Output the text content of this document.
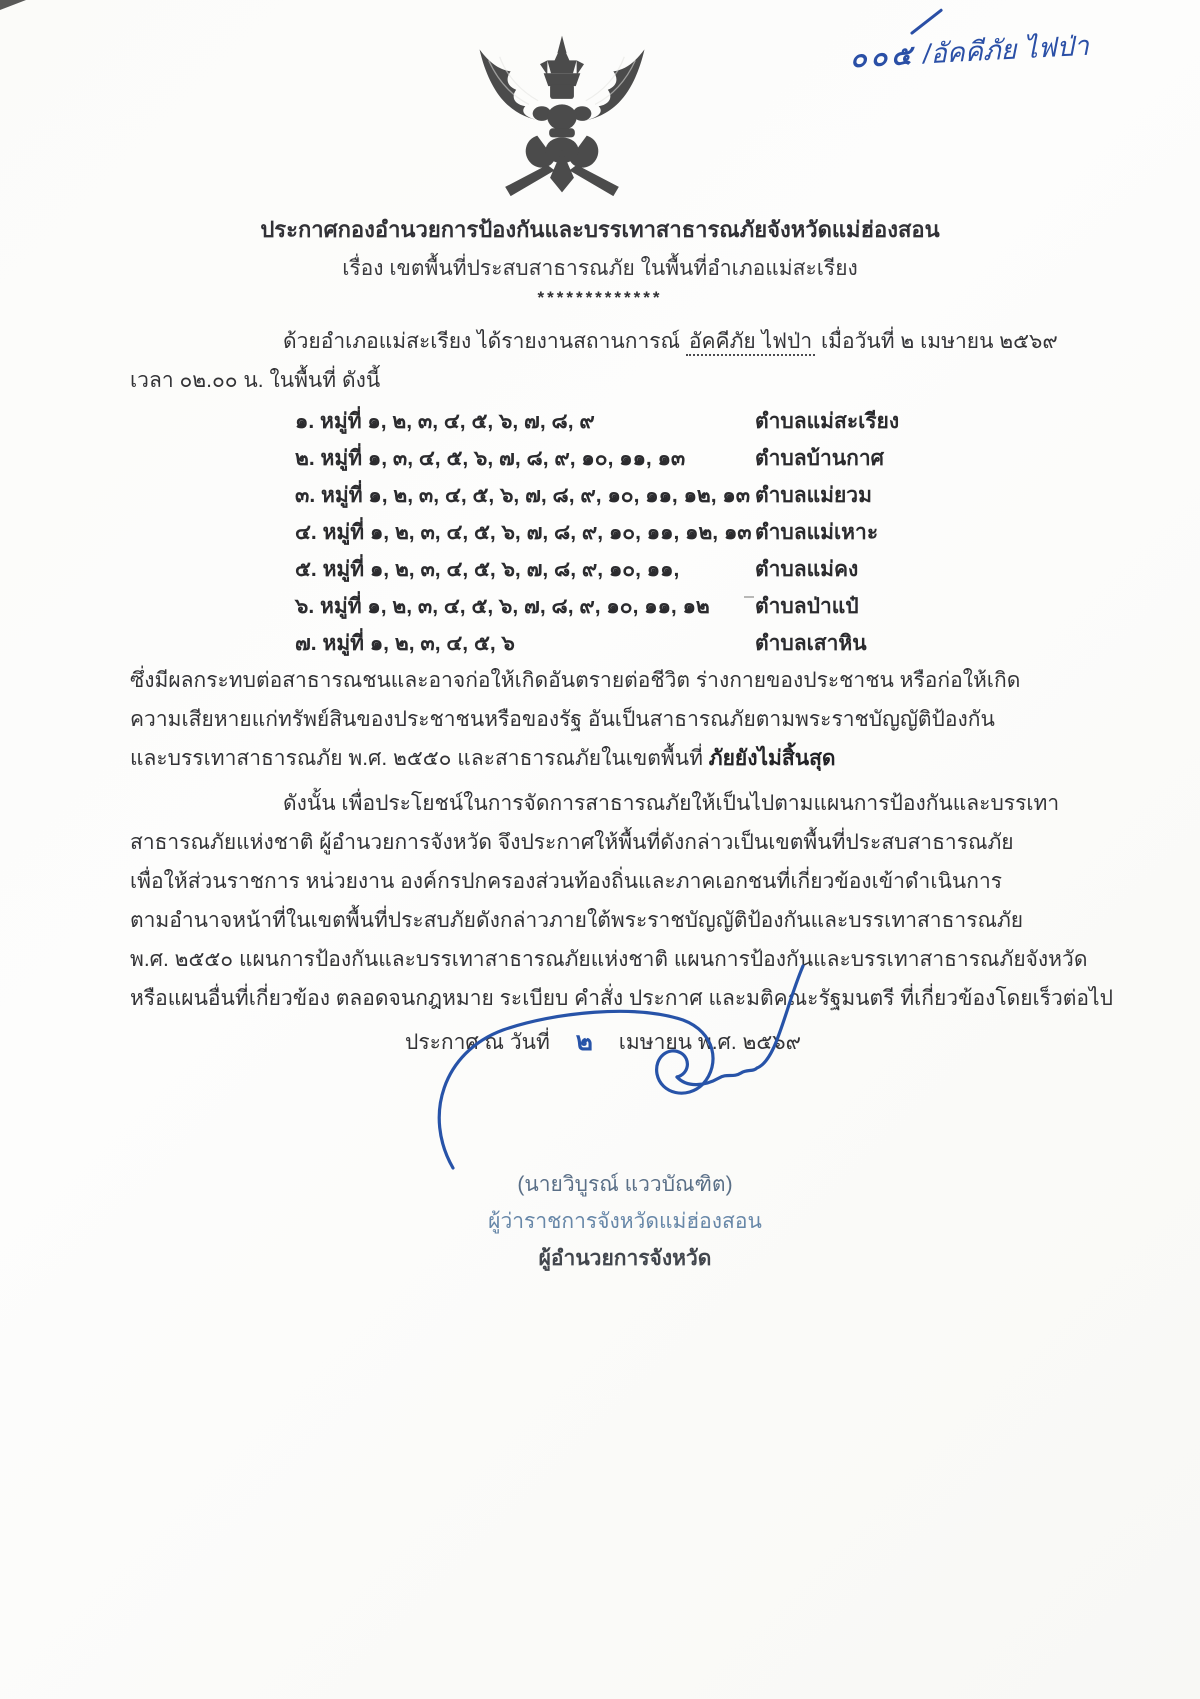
๐๐๕ /อัคคีภัย ไฟป่า
ประกาศกองอำนวยการป้องกันและบรรเทาสาธารณภัยจังหวัดแม่ฮ่องสอน
เรื่อง เขตพื้นที่ประสบสาธารณภัย ในพื้นที่อำเภอแม่สะเรียง
*************
ด้วยอำเภอแม่สะเรียง ได้รายงานสถานการณ์ อัคคีภัย ไฟป่า เมื่อวันที่ ๒ เมษายน ๒๕๖๙
เวลา ๐๒.๐๐ น. ในพื้นที่ ดังนี้
๑. หมู่ที่ ๑, ๒, ๓, ๔, ๕, ๖, ๗, ๘, ๙	ตำบลแม่สะเรียง
๒. หมู่ที่ ๑, ๓, ๔, ๕, ๖, ๗, ๘, ๙, ๑๐, ๑๑, ๑๓	ตำบลบ้านกาศ
๓. หมู่ที่ ๑, ๒, ๓, ๔, ๕, ๖, ๗, ๘, ๙, ๑๐, ๑๑, ๑๒, ๑๓ ตำบลแม่ยวม
๔. หมู่ที่ ๑, ๒, ๓, ๔, ๕, ๖, ๗, ๘, ๙, ๑๐, ๑๑, ๑๒, ๑๓ ตำบลแม่เหาะ
๕. หมู่ที่ ๑, ๒, ๓, ๔, ๕, ๖, ๗, ๘, ๙, ๑๐, ๑๑,	ตำบลแม่คง
๖. หมู่ที่ ๑, ๒, ๓, ๔, ๕, ๖, ๗, ๘, ๙, ๑๐, ๑๑, ๑๒ ตำบลป่าแป๋
๗. หมู่ที่ ๑, ๒, ๓, ๔, ๕, ๖	ตำบลเสาหิน
ซึ่งมีผลกระทบต่อสาธารณชนและอาจก่อให้เกิดอันตรายต่อชีวิต ร่างกายของประชาชน หรือก่อให้เกิด
ความเสียหายแก่ทรัพย์สินของประชาชนหรือของรัฐ อันเป็นสาธารณภัยตามพระราชบัญญัติป้องกัน
และบรรเทาสาธารณภัย พ.ศ. ๒๕๕๐ และสาธารณภัยในเขตพื้นที่ ภัยยังไม่สิ้นสุด
ดังนั้น เพื่อประโยชน์ในการจัดการสาธารณภัยให้เป็นไปตามแผนการป้องกันและบรรเทา
สาธารณภัยแห่งชาติ ผู้อำนวยการจังหวัด จึงประกาศให้พื้นที่ดังกล่าวเป็นเขตพื้นที่ประสบสาธารณภัย
เพื่อให้ส่วนราชการ หน่วยงาน องค์กรปกครองส่วนท้องถิ่นและภาคเอกชนที่เกี่ยวข้องเข้าดำเนินการ
ตามอำนาจหน้าที่ในเขตพื้นที่ประสบภัยดังกล่าวภายใต้พระราชบัญญัติป้องกันและบรรเทาสาธารณภัย
พ.ศ. ๒๕๕๐ แผนการป้องกันและบรรเทาสาธารณภัยแห่งชาติ แผนการป้องกันและบรรเทาสาธารณภัยจังหวัด
หรือแผนอื่นที่เกี่ยวข้อง ตลอดจนกฎหมาย ระเบียบ คำสั่ง ประกาศ และมติคณะรัฐมนตรี ที่เกี่ยวข้องโดยเร็วต่อไป
ประกาศ ณ วันที่ ๒ เมษายน พ.ศ. ๒๕๖๙
(นายวิบูรณ์ แววบัณฑิต)
ผู้ว่าราชการจังหวัดแม่ฮ่องสอน
ผู้อำนวยการจังหวัด
